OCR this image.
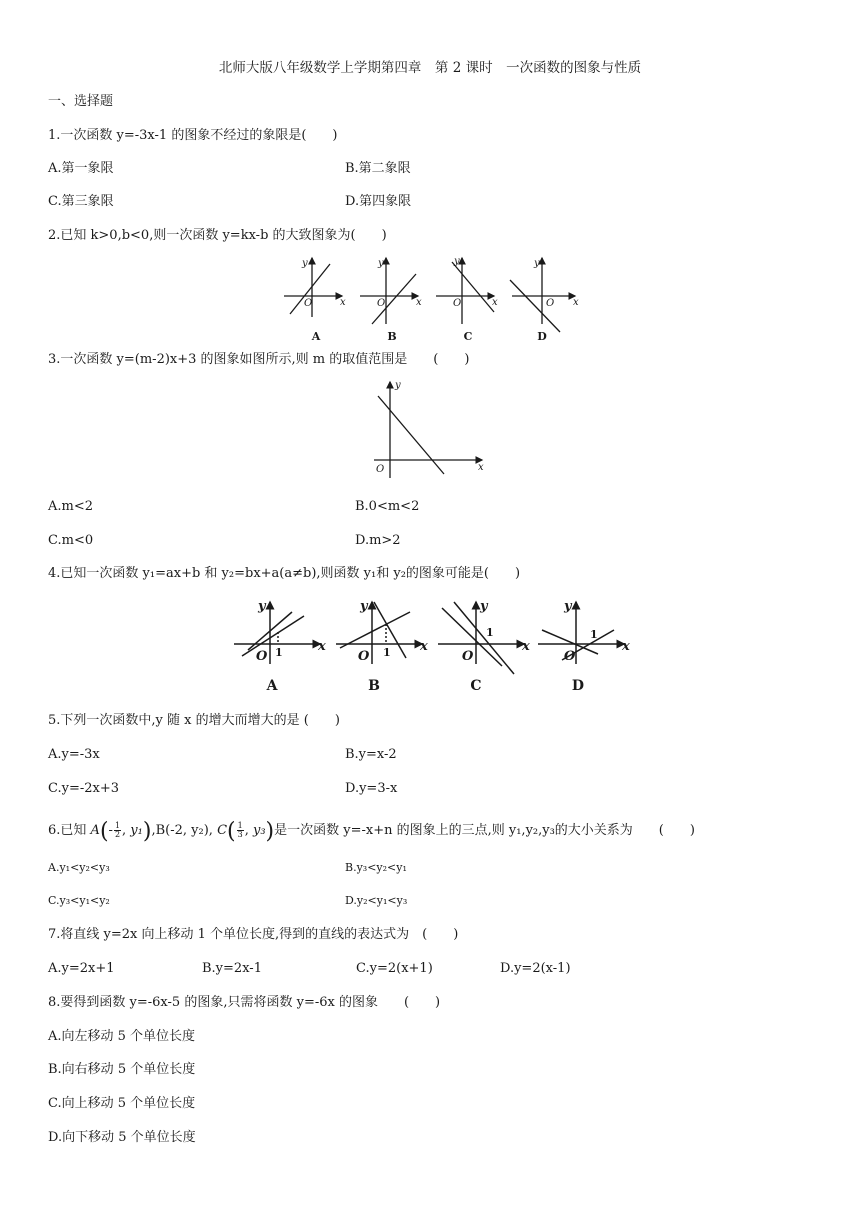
北师大版八年级数学上学期第四章　第 2 课时　一次函数的图象与性质
一、选择题
1.一次函数 y=-3x-1 的图象不经过的象限是(　　)
A.第一象限	B.第二象限
C.第三象限	D.第四象限
2.已知 k>0,b<0,则一次函数 y=kx-b 的大致图象为(　　)
y
x
O
y
x
O
y
x
O
y
x
O
A	B	C	D
3.一次函数 y=(m-2)x+3 的图象如图所示,则 m 的取值范围是　　(　　)
y
x
O
A.m<2	B.0<m<2
C.m<0	D.m>2
4.已知一次函数 y₁=ax+b 和 y₂=bx+a(a≠b),则函数 y₁和 y₂的图象可能是(　　)
y
x
O
y
x
O
y
x
O
y
x
O
1	1
1	1
A	B	C	D
5.下列一次函数中,y 随 x 的增大而增大的是 (　　)
A.y=-3x	B.y=x-2
C.y=-2x+3	D.y=3-x
6.已知 $A(- \frac{1}{2}$ , y₁),B(-2, y₂), $C( \frac{1}{3}$ , y₃)是一次函数 y=-x+n 的图象上的三点,则 y₁,y₂,y₃的大小关系为　　(　　)
A.y₁<y₂<y₃	B.y₃<y₂<y₁
C.y₃<y₁<y₂	D.y₂<y₁<y₃
7.将直线 y=2x 向上移动 1 个单位长度,得到的直线的表达式为　(　　)
A.y=2x+1	B.y=2x-1	C.y=2(x+1)	D.y=2(x-1)
8.要得到函数 y=-6x-5 的图象,只需将函数 y=-6x 的图象　　(　　)
A.向左移动 5 个单位长度
B.向右移动 5 个单位长度
C.向上移动 5 个单位长度
D.向下移动 5 个单位长度
